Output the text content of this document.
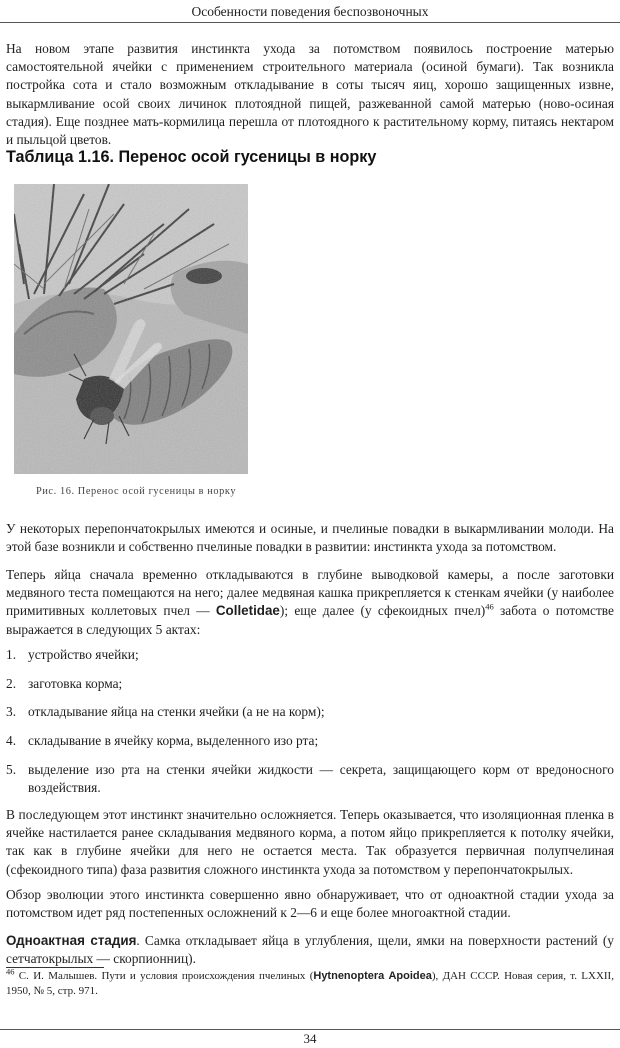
Особенности поведения беспозвоночных

На новом этапе развития инстинкта ухода за потомством появилось построение матерью самостоятельной ячейки с применением строительного материала (осиной бумаги). Так возникла постройка сота и стало возможным откладывание в соты тысяч яиц, хорошо защищенных извне, выкармливание осой своих личинок плотоядной пищей, разжеванной самой матерью (ново-осиная стадия). Еще позднее мать-кормилица перешла от плотоядного к растительному корму, питаясь нектаром и пыльцой цветов.

Таблица 1.16. Перенос осой гусеницы в норку
Рис. 16. Перенос осой гусеницы в норку

У некоторых перепончатокрылых имеются и осиные, и пчелиные повадки в выкармливании молоди. На этой базе возникли и собственно пчелиные повадки в развитии: инстинкта ухода за потомством.

Теперь яйца сначала временно откладываются в глубине выводковой камеры, а после заготовки медвяного теста помещаются на него; далее медвяная кашка прикрепляется к стенкам ячейки (у наиболее примитивных коллетовых пчел — Colletidae); еще далее (у сфекоидных пчел)$^{46}$ забота о потомстве выражается в следующих 5 актах:

1. устройство ячейки;
2. заготовка корма;
3. откладывание яйца на стенки ячейки (а не на корм);
4. складывание в ячейку корма, выделенного изо рта;
5. выделение изо рта на стенки ячейки жидкости — секрета, защищающего корм от вредоносного воздействия.

В последующем этот инстинкт значительно осложняется. Теперь оказывается, что изоляционная пленка в ячейке настилается ранее складывания медвяного корма, а потом яйцо прикрепляется к потолку ячейки, так как в глубине ячейки для него не остается места. Так образуется первичная полупчелиная (сфекоидного типа) фаза развития сложного инстинкта ухода за потомством у перепончатокрылых.

Обзор эволюции этого инстинкта совершенно явно обнаруживает, что от одноактной стадии ухода за потомством идет ряд постепенных осложнений к 2—6 и еще более многоактной стадии.

Одноактная стадия. Самка откладывает яйца в углубления, щели, ямки на поверхности растений (у сетчатокрылых — скорпионниц).

$^{46}$ С. И. Малышев. Пути и условия происхождения пчелиных (Hytnenoptera Apoidea), ДАН СССР. Новая серия, т. LXXII, 1950, № 5, стр. 971.
34
